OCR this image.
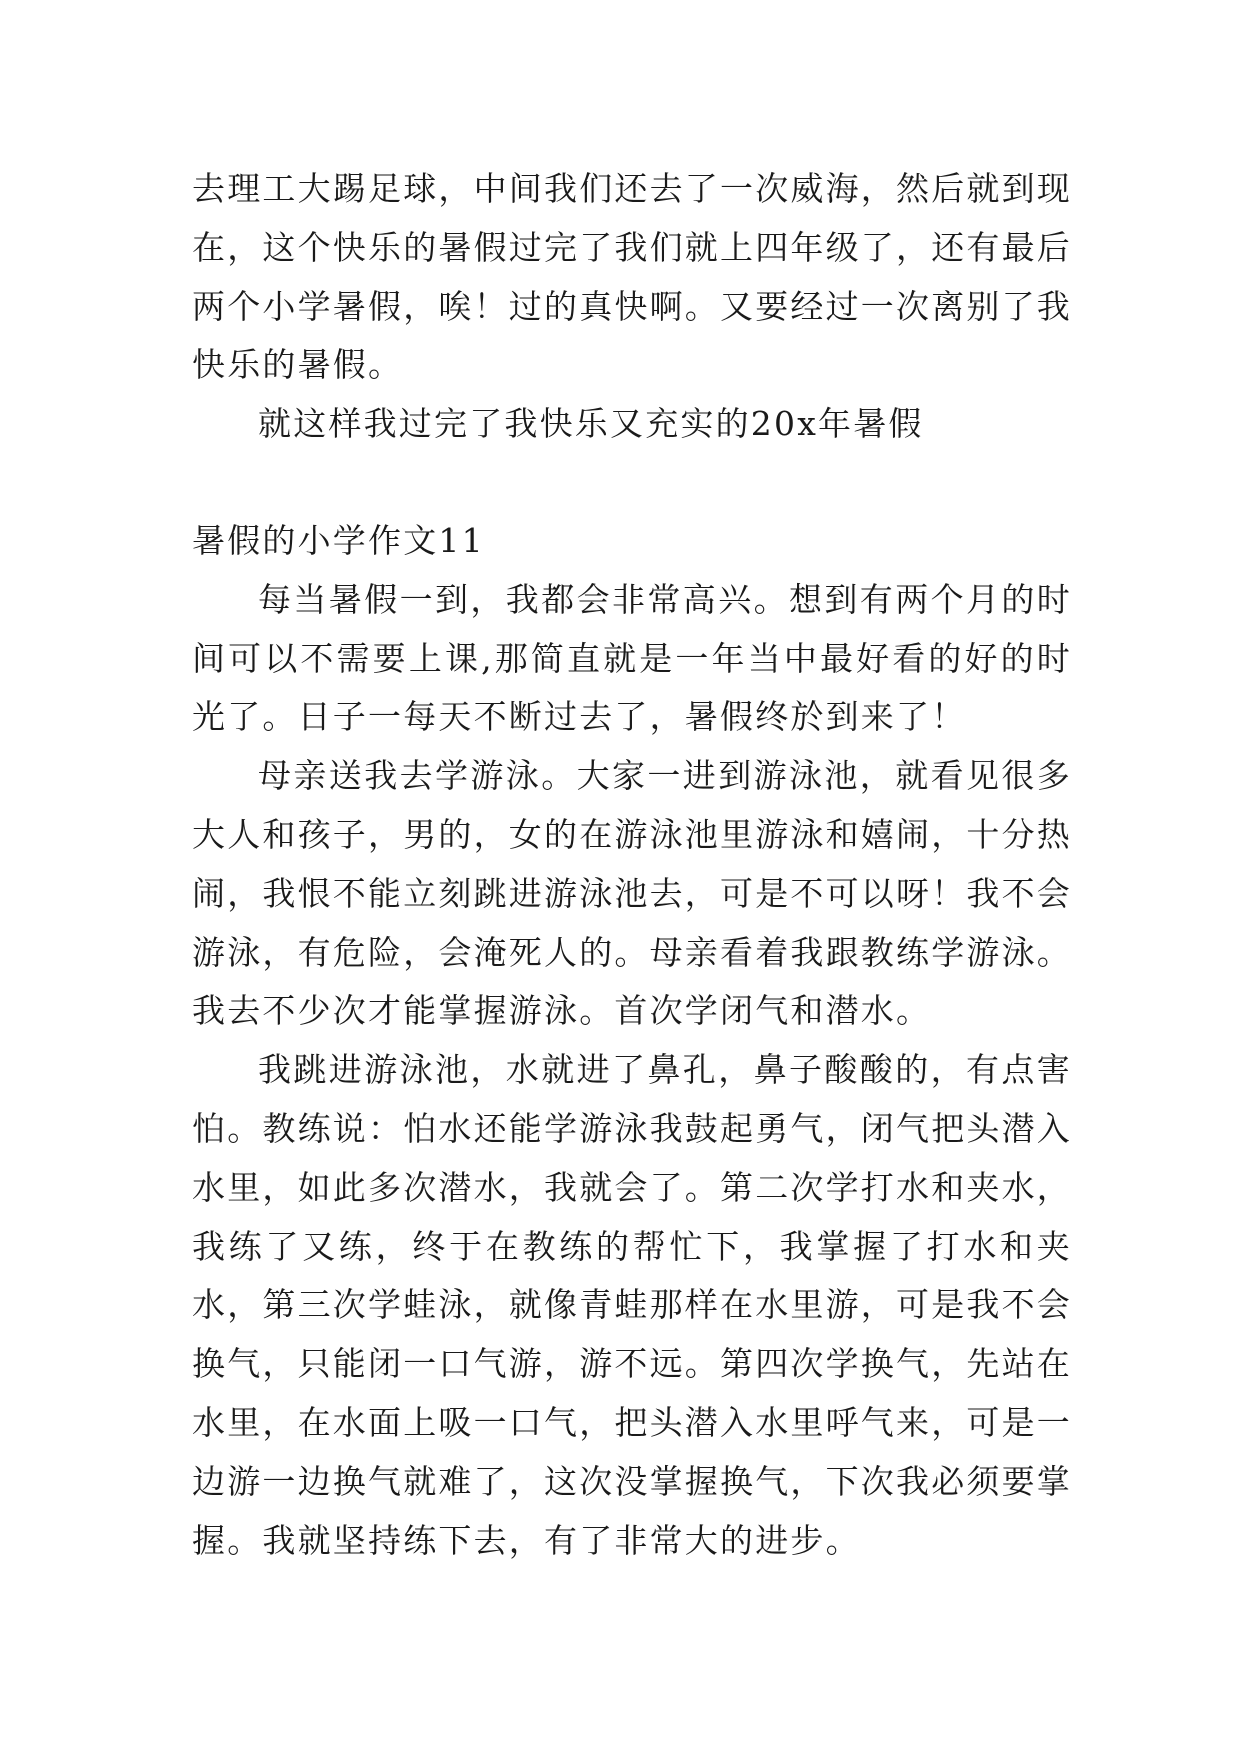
去理工大踢足球，中间我们还去了一次威海，然后就到现在，这个快乐的暑假过完了我们就上四年级了，还有最后两个小学暑假，唉！过的真快啊。又要经过一次离别了我快乐的暑假。

就这样我过完了我快乐又充实的20x年暑假

暑假的小学作文11

每当暑假一到，我都会非常高兴。想到有两个月的时间可以不需要上课,那简直就是一年当中最好看的好的时光了。日子一每天不断过去了，暑假终於到来了！

母亲送我去学游泳。大家一进到游泳池，就看见很多大人和孩子，男的，女的在游泳池里游泳和嬉闹，十分热闹，我恨不能立刻跳进游泳池去，可是不可以呀！我不会游泳，有危险，会淹死人的。母亲看着我跟教练学游泳。我去不少次才能掌握游泳。首次学闭气和潜水。

我跳进游泳池，水就进了鼻孔，鼻子酸酸的，有点害怕。教练说：怕水还能学游泳我鼓起勇气，闭气把头潜入水里，如此多次潜水，我就会了。第二次学打水和夹水，我练了又练，终于在教练的帮忙下，我掌握了打水和夹水，第三次学蛙泳，就像青蛙那样在水里游，可是我不会换气，只能闭一口气游，游不远。第四次学换气，先站在水里，在水面上吸一口气，把头潜入水里呼气来，可是一边游一边换气就难了，这次没掌握换气，下次我必须要掌握。我就坚持练下去，有了非常大的进步。
